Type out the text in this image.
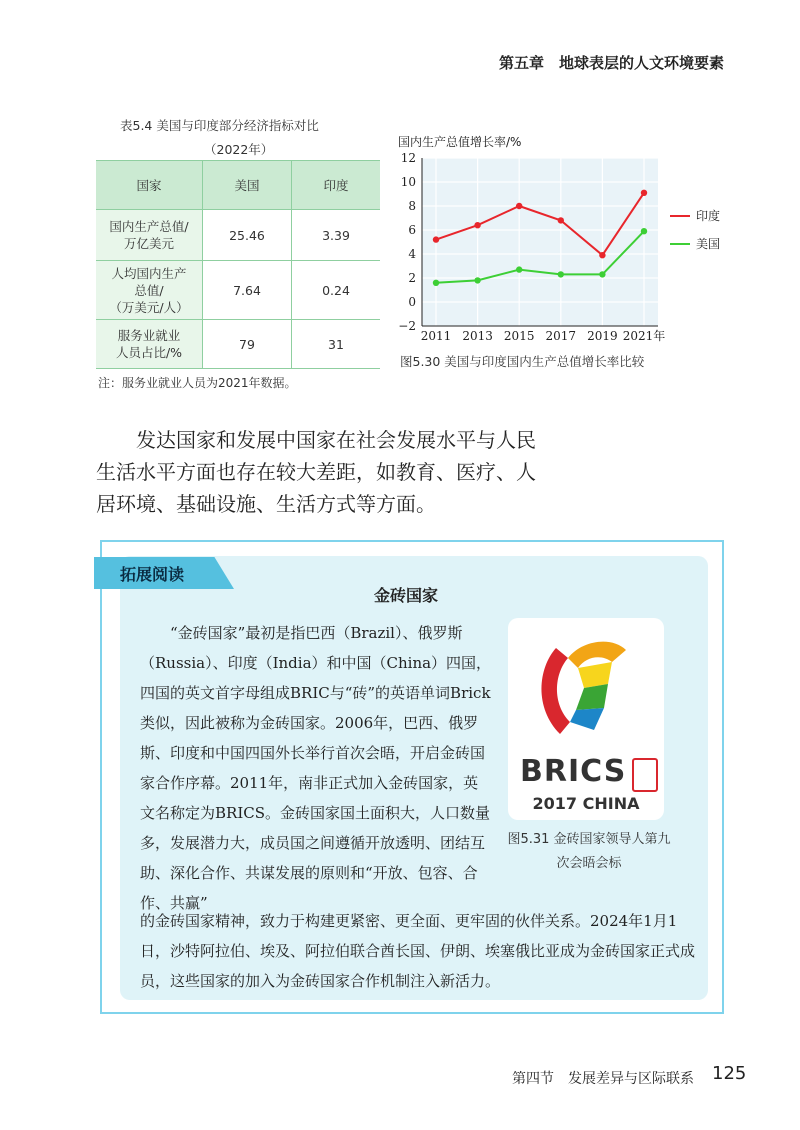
第五章　地球表层的人文环境要素
表5.4 美国与印度部分经济指标对比
（2022年）
国家	美国	印度
国内生产总值/
万亿美元	25.46	3.39
人均国内生产
总值/
（万美元/人）	7.64	0.24
服务业就业
人员占比/%	79	31
注：服务业就业人员为2021年数据。
12
10
8
6
4
2
0
−2
2011 2013 2015 2017 2019 2021年
印度
美国
国内生产总值增长率/%
图5.30 美国与印度国内生产总值增长率比较

发达国家和发展中国家在社会发展水平与人民生活水平方面也存在较大差距，如教育、医疗、人居环境、基础设施、生活方式等方面。

拓展阅读
金砖国家

“金砖国家”最初是指巴西（Brazil）、俄罗斯（Russia）、印度（India）和中国（China）四国，四国的英文首字母组成BRIC与“砖”的英语单词Brick类似，因此被称为金砖国家。2006年，巴西、俄罗斯、印度和中国四国外长举行首次会晤，开启金砖国家合作序幕。2011年，南非正式加入金砖国家，英文名称定为BRICS。金砖国家国土面积大，人口数量多，发展潜力大，成员国之间遵循开放透明、团结互助、深化合作、共谋发展的原则和“开放、包容、合作、共赢”

BRICS
2017 CHINA
图5.31 金砖国家领导人第九次会晤会标

的金砖国家精神，致力于构建更紧密、更全面、更牢固的伙伴关系。2024年1月1日，沙特阿拉伯、埃及、阿拉伯联合酋长国、伊朗、埃塞俄比亚成为金砖国家正式成员，这些国家的加入为金砖国家合作机制注入新活力。

第四节　发展差异与区际联系 125
